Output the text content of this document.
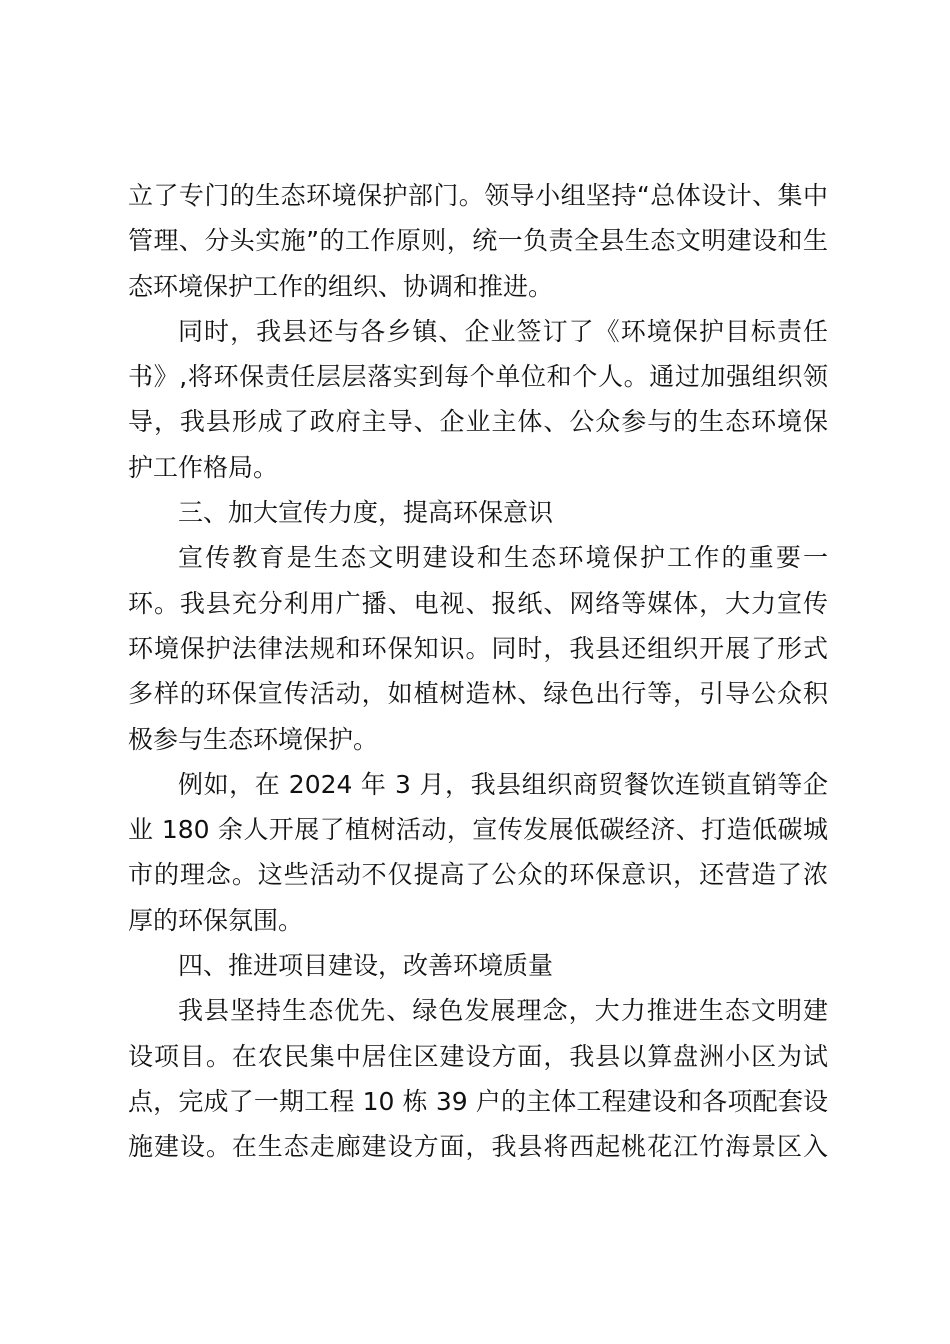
立了专门的生态环境保护部门。领导小组坚持“总体设计、集中
管理、分头实施”的工作原则，统一负责全县生态文明建设和生
态环境保护工作的组织、协调和推进。
同时，我县还与各乡镇、企业签订了《环境保护目标责任
书》,将环保责任层层落实到每个单位和个人。通过加强组织领
导，我县形成了政府主导、企业主体、公众参与的生态环境保
护工作格局。
三、加大宣传力度，提高环保意识
宣传教育是生态文明建设和生态环境保护工作的重要一
环。我县充分利用广播、电视、报纸、网络等媒体，大力宣传
环境保护法律法规和环保知识。同时，我县还组织开展了形式
多样的环保宣传活动，如植树造林、绿色出行等，引导公众积
极参与生态环境保护。
例如，在 2024 年 3 月，我县组织商贸餐饮连锁直销等企
业 180 余人开展了植树活动，宣传发展低碳经济、打造低碳城
市的理念。这些活动不仅提高了公众的环保意识，还营造了浓
厚的环保氛围。
四、推进项目建设，改善环境质量
我县坚持生态优先、绿色发展理念，大力推进生态文明建
设项目。在农民集中居住区建设方面，我县以算盘洲小区为试
点，完成了一期工程 10 栋 39 户的主体工程建设和各项配套设
施建设。在生态走廊建设方面，我县将西起桃花江竹海景区入
